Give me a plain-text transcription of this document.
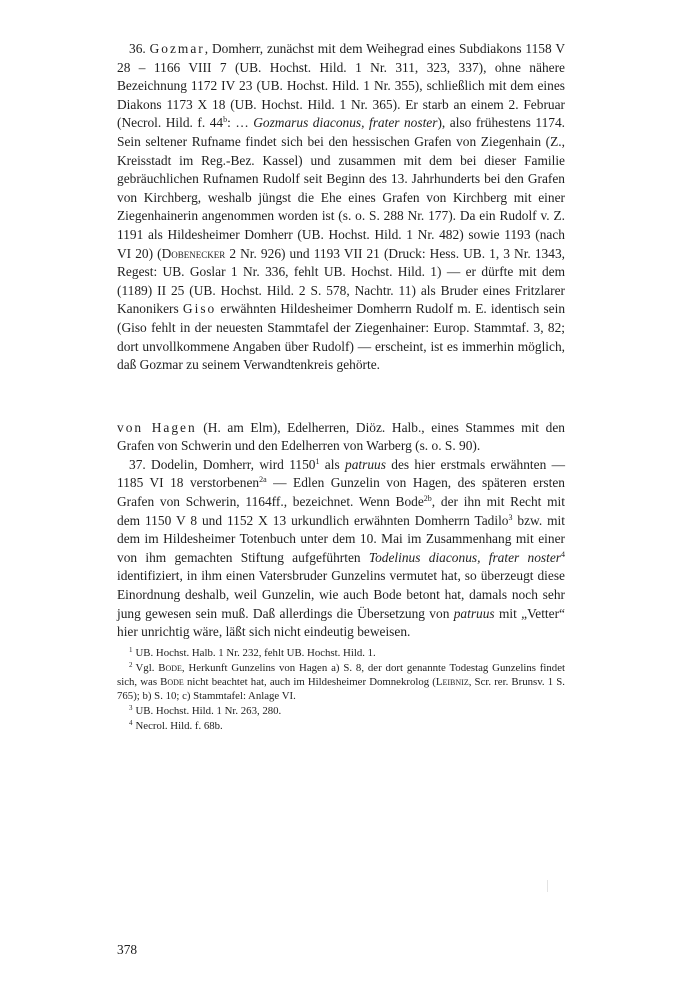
36. Gozmar, Domherr, zunächst mit dem Weihegrad eines Subdiakons 1158 V 28 – 1166 VIII 7 (UB. Hochst. Hild. 1 Nr. 311, 323, 337), ohne nähere Bezeichnung 1172 IV 23 (UB. Hochst. Hild. 1 Nr. 355), schließlich mit dem eines Diakons 1173 X 18 (UB. Hochst. Hild. 1 Nr. 365). Er starb an einem 2. Februar (Necrol. Hild. f. 44$^b$: … Gozmarus diaconus, frater noster), also frühestens 1174. Sein seltener Rufname findet sich bei den hessischen Grafen von Ziegenhain (Z., Kreisstadt im Reg.-Bez. Kassel) und zusammen mit dem bei dieser Familie gebräuchlichen Rufnamen Rudolf seit Beginn des 13. Jahrhunderts bei den Grafen von Kirchberg, weshalb jüngst die Ehe eines Grafen von Kirchberg mit einer Ziegenhainerin angenommen worden ist (s. o. S. 288 Nr. 177). Da ein Rudolf v. Z. 1191 als Hildesheimer Domherr (UB. Hochst. Hild. 1 Nr. 482) sowie 1193 (nach VI 20) (Dobenecker 2 Nr. 926) und 1193 VII 21 (Druck: Hess. UB. 1, 3 Nr. 1343, Regest: UB. Goslar 1 Nr. 336, fehlt UB. Hochst. Hild. 1) — er dürfte mit dem (1189) II 25 (UB. Hochst. Hild. 2 S. 578, Nachtr. 11) als Bruder eines Fritzlarer Kanonikers Giso erwähnten Hildesheimer Domherrn Rudolf m. E. identisch sein (Giso fehlt in der neuesten Stammtafel der Ziegenhainer: Europ. Stammtaf. 3, 82; dort unvollkommene Angaben über Rudolf) — erscheint, ist es immerhin möglich, daß Gozmar zu seinem Verwandtenkreis gehörte.

von Hagen (H. am Elm), Edelherren, Diöz. Halb., eines Stammes mit den Grafen von Schwerin und den Edelherren von Warberg (s. o. S. 90).

37. Dodelin, Domherr, wird 1150$^1$ als patruus des hier erstmals erwähnten — 1185 VI 18 verstorbenen$^{2a}$ — Edlen Gunzelin von Hagen, des späteren ersten Grafen von Schwerin, 1164ff., bezeichnet. Wenn Bode$^{2b}$, der ihn mit Recht mit dem 1150 V 8 und 1152 X 13 urkundlich erwähnten Domherrn Tadilo$^3$ bzw. mit dem im Hildesheimer Totenbuch unter dem 10. Mai im Zusammenhang mit einer von ihm gemachten Stiftung aufgeführten Todelinus diaconus, frater noster$^4$ identifiziert, in ihm einen Vatersbruder Gunzelins vermutet hat, so überzeugt diese Einordnung deshalb, weil Gunzelin, wie auch Bode betont hat, damals noch sehr jung gewesen sein muß. Daß allerdings die Übersetzung von patruus mit „Vetter“ hier unrichtig wäre, läßt sich nicht eindeutig beweisen.

$^1$ UB. Hochst. Halb. 1 Nr. 232, fehlt UB. Hochst. Hild. 1.

$^2$ Vgl. Bode, Herkunft Gunzelins von Hagen a) S. 8, der dort genannte Todestag Gunzelins findet sich, was Bode nicht beachtet hat, auch im Hildesheimer Domnekrolog (Leibniz, Scr. rer. Brunsv. 1 S. 765); b) S. 10; c) Stammtafel: Anlage VI.

$^3$ UB. Hochst. Hild. 1 Nr. 263, 280.

$^4$ Necrol. Hild. f. 68b.

378
